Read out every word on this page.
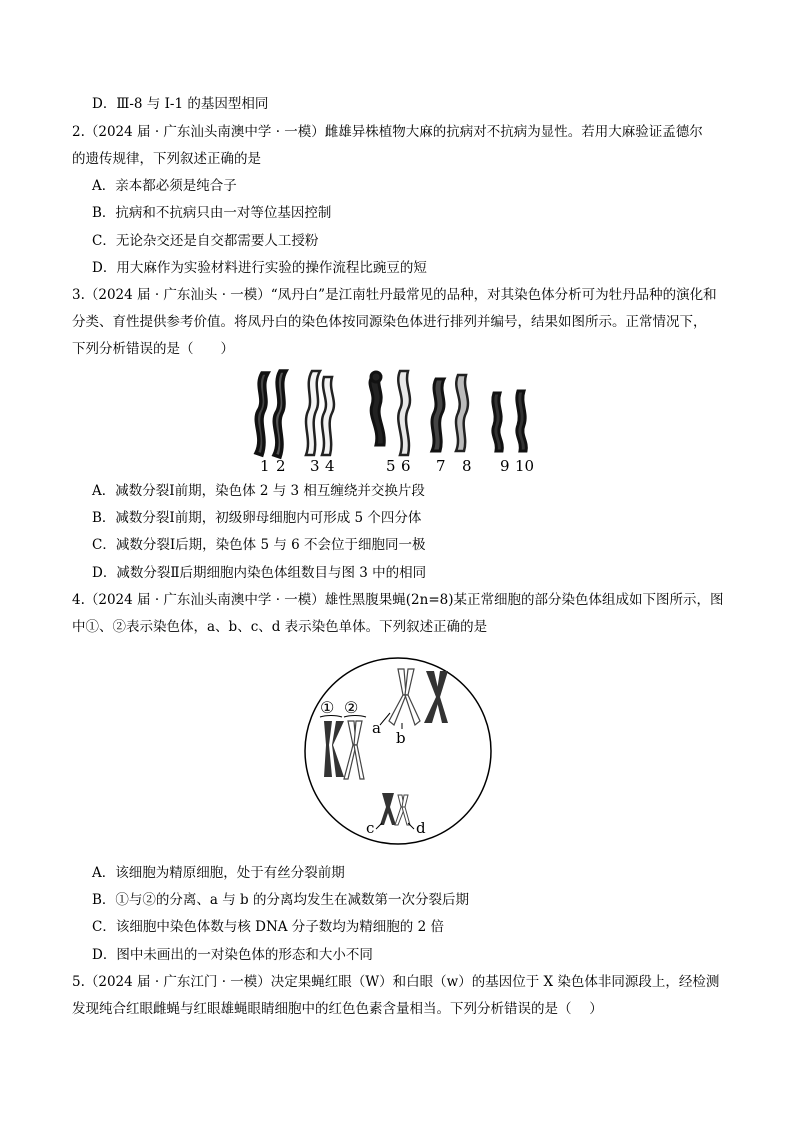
D．Ⅲ-8 与 Ⅰ-1 的基因型相同
2.（2024 届 · 广东汕头南澳中学 · 一模）雌雄异株植物大麻的抗病对不抗病为显性。若用大麻验证孟德尔
的遗传规律，下列叙述正确的是
A．亲本都必须是纯合子
B．抗病和不抗病只由一对等位基因控制
C．无论杂交还是自交都需要人工授粉
D．用大麻作为实验材料进行实验的操作流程比豌豆的短
3.（2024 届 · 广东汕头 · 一模）“凤丹白”是江南牡丹最常见的品种，对其染色体分析可为牡丹品种的演化和
分类、育性提供参考价值。将凤丹白的染色体按同源染色体进行排列并编号，结果如图所示。正常情况下，
下列分析错误的是（　　）
1 2 3 4	5 6 7 8 9 10
A．减数分裂Ⅰ前期，染色体 2 与 3 相互缠绕并交换片段
B．减数分裂Ⅰ前期，初级卵母细胞内可形成 5 个四分体
C．减数分裂Ⅰ后期，染色体 5 与 6 不会位于细胞同一极
D．减数分裂Ⅱ后期细胞内染色体组数目与图 3 中的相同
4.（2024 届 · 广东汕头南澳中学 · 一模）雄性黑腹果蝇(2n=8)某正常细胞的部分染色体组成如下图所示，图
中①、②表示染色体，a、b、c、d 表示染色单体。下列叙述正确的是
① ②
a
b
c	d
A．该细胞为精原细胞，处于有丝分裂前期
B．①与②的分离、a 与 b 的分离均发生在减数第一次分裂后期
C．该细胞中染色体数与核 DNA 分子数均为精细胞的 2 倍
D．图中未画出的一对染色体的形态和大小不同
5.（2024 届 · 广东江门 · 一模）决定果蝇红眼（W）和白眼（w）的基因位于 X 染色体非同源段上，经检测
发现纯合红眼雌蝇与红眼雄蝇眼睛细胞中的红色色素含量相当。下列分析错误的是（　 ）
